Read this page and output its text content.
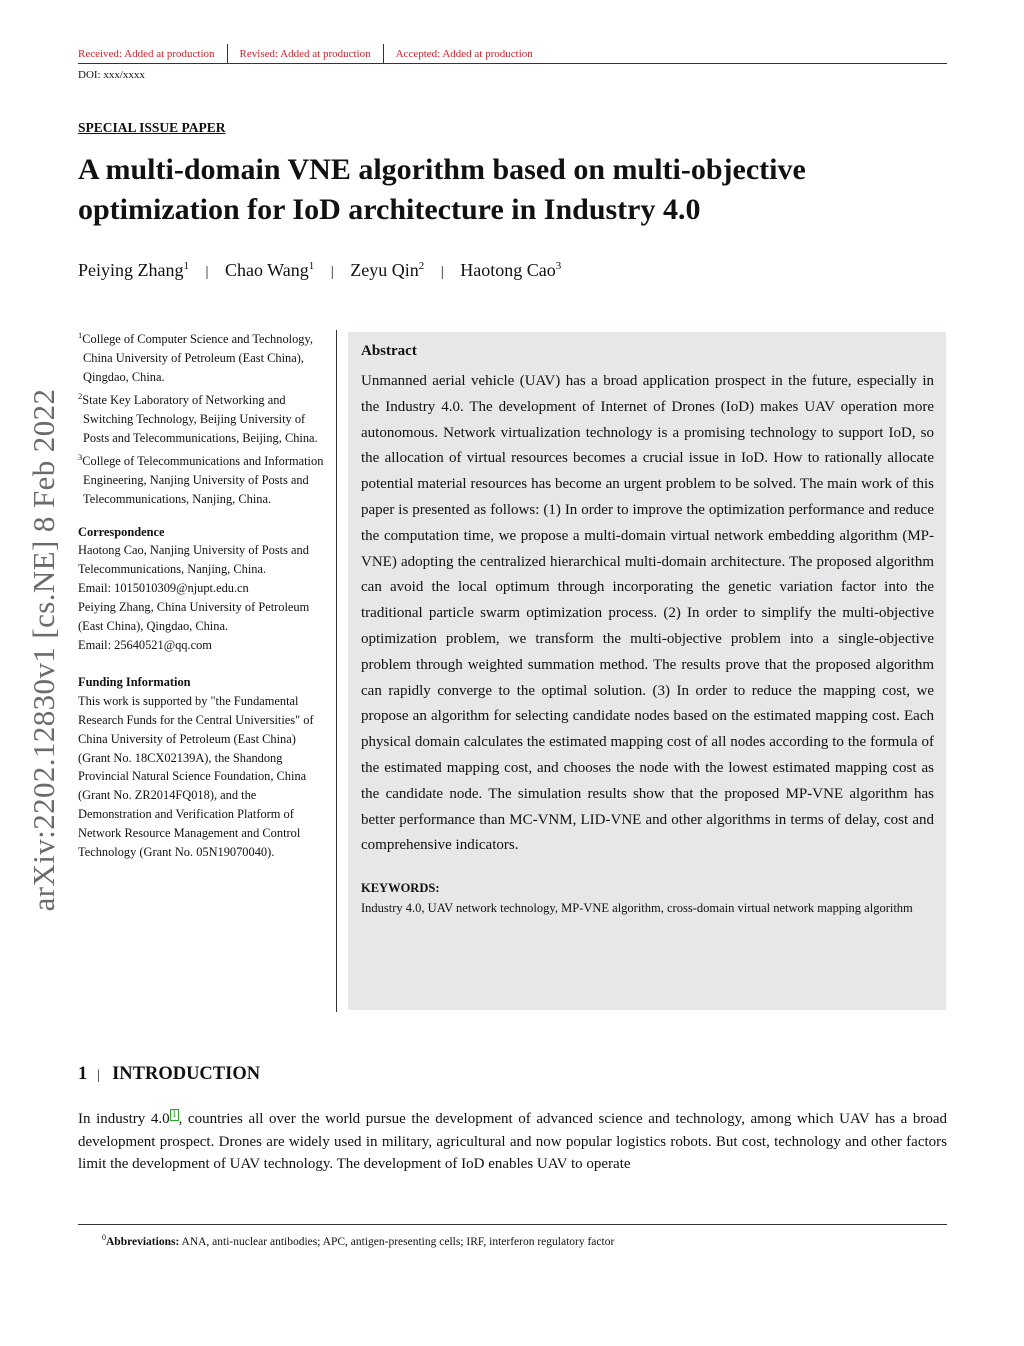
Received: Added at production Revised: Added at production Accepted: Added at production
DOI: xxx/xxxx
SPECIAL ISSUE PAPER
A multi-domain VNE algorithm based on multi-objective optimization for IoD architecture in Industry 4.0
Peiying Zhang$^1$ | Chao Wang$^1$ | Zeyu Qin$^2$ | Haotong Cao$^3$
arXiv:2202.12830v1 [cs.NE] 8 Feb 2022
$^1$College of Computer Science and Technology, China University of Petroleum (East China), Qingdao, China.
$^2$State Key Laboratory of Networking and Switching Technology, Beijing University of Posts and Telecommunications, Beijing, China.
$^3$College of Telecommunications and Information Engineering, Nanjing University of Posts and Telecommunications, Nanjing, China.
Correspondence
Haotong Cao, Nanjing University of Posts and Telecommunications, Nanjing, China.
Email: 1015010309@njupt.edu.cn
Peiying Zhang, China University of Petroleum (East China), Qingdao, China.
Email: 25640521@qq.com
Funding Information
This work is supported by "the Fundamental Research Funds for the Central Universities" of China University of Petroleum (East China) (Grant No. 18CX02139A), the Shandong Provincial Natural Science Foundation, China (Grant No. ZR2014FQ018), and the Demonstration and Verification Platform of Network Resource Management and Control Technology (Grant No. 05N19070040).
Abstract

Unmanned aerial vehicle (UAV) has a broad application prospect in the future, especially in the Industry 4.0. The development of Internet of Drones (IoD) makes UAV operation more autonomous. Network virtualization technology is a promising technology to support IoD, so the allocation of virtual resources becomes a crucial issue in IoD. How to rationally allocate potential material resources has become an urgent problem to be solved. The main work of this paper is presented as follows: (1) In order to improve the optimization performance and reduce the computation time, we propose a multi-domain virtual network embedding algorithm (MP-VNE) adopting the centralized hierarchical multi-domain architecture. The proposed algorithm can avoid the local optimum through incorporating the genetic variation factor into the traditional particle swarm optimization process. (2) In order to simplify the multi-objective optimization problem, we transform the multi-objective problem into a single-objective problem through weighted summation method. The results prove that the proposed algorithm can rapidly converge to the optimal solution. (3) In order to reduce the mapping cost, we propose an algorithm for selecting candidate nodes based on the estimated mapping cost. Each physical domain calculates the estimated mapping cost of all nodes according to the formula of the estimated mapping cost, and chooses the node with the lowest estimated mapping cost as the candidate node. The simulation results show that the proposed MP-VNE algorithm has better performance than MC-VNM, LID-VNE and other algorithms in terms of delay, cost and comprehensive indicators.

KEYWORDS:
Industry 4.0, UAV network technology, MP-VNE algorithm, cross-domain virtual network mapping algorithm
1 | INTRODUCTION

In industry 4.0 1 , countries all over the world pursue the development of advanced science and technology, among which UAV has a broad development prospect. Drones are widely used in military, agricultural and now popular logistics robots. But cost, technology and other factors limit the development of UAV technology. The development of IoD enables UAV to operate

$^0$Abbreviations: ANA, anti-nuclear antibodies; APC, antigen-presenting cells; IRF, interferon regulatory factor
